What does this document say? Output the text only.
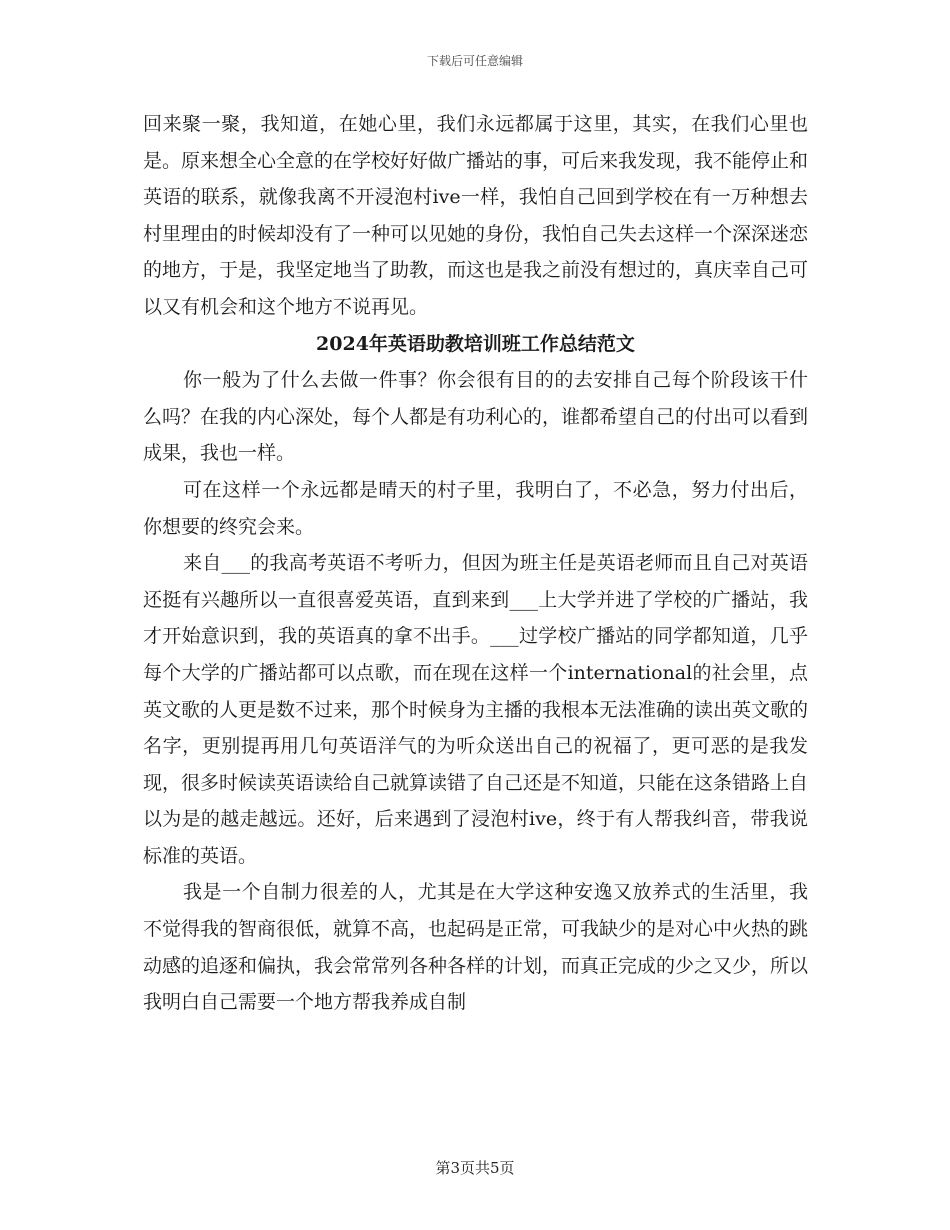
下载后可任意编辑

回来聚一聚，我知道，在她心里，我们永远都属于这里，其实，在我们心里也是。原来想全心全意的在学校好好做广播站的事，可后来我发现，我不能停止和英语的联系，就像我离不开浸泡村ive一样，我怕自己回到学校在有一万种想去村里理由的时候却没有了一种可以见她的身份，我怕自己失去这样一个深深迷恋的地方，于是，我坚定地当了助教，而这也是我之前没有想过的，真庆幸自己可以又有机会和这个地方不说再见。

2024年英语助教培训班工作总结范文

你一般为了什么去做一件事？你会很有目的的去安排自己每个阶段该干什么吗？在我的内心深处，每个人都是有功利心的，谁都希望自己的付出可以看到成果，我也一样。

可在这样一个永远都是晴天的村子里，我明白了，不必急，努力付出后，你想要的终究会来。

来自___的我高考英语不考听力，但因为班主任是英语老师而且自己对英语还挺有兴趣所以一直很喜爱英语，直到来到___上大学并进了学校的广播站，我才开始意识到，我的英语真的拿不出手。___过学校广播站的同学都知道，几乎每个大学的广播站都可以点歌，而在现在这样一个international的社会里，点英文歌的人更是数不过来，那个时候身为主播的我根本无法准确的读出英文歌的名字，更别提再用几句英语洋气的为听众送出自己的祝福了，更可恶的是我发现，很多时候读英语读给自己就算读错了自己还是不知道，只能在这条错路上自以为是的越走越远。还好，后来遇到了浸泡村ive，终于有人帮我纠音，带我说标准的英语。

我是一个自制力很差的人，尤其是在大学这种安逸又放养式的生活里，我不觉得我的智商很低，就算不高，也起码是正常，可我缺少的是对心中火热的跳动感的追逐和偏执，我会常常列各种各样的计划，而真正完成的少之又少，所以我明白自己需要一个地方帮我养成自制

第3页共5页
